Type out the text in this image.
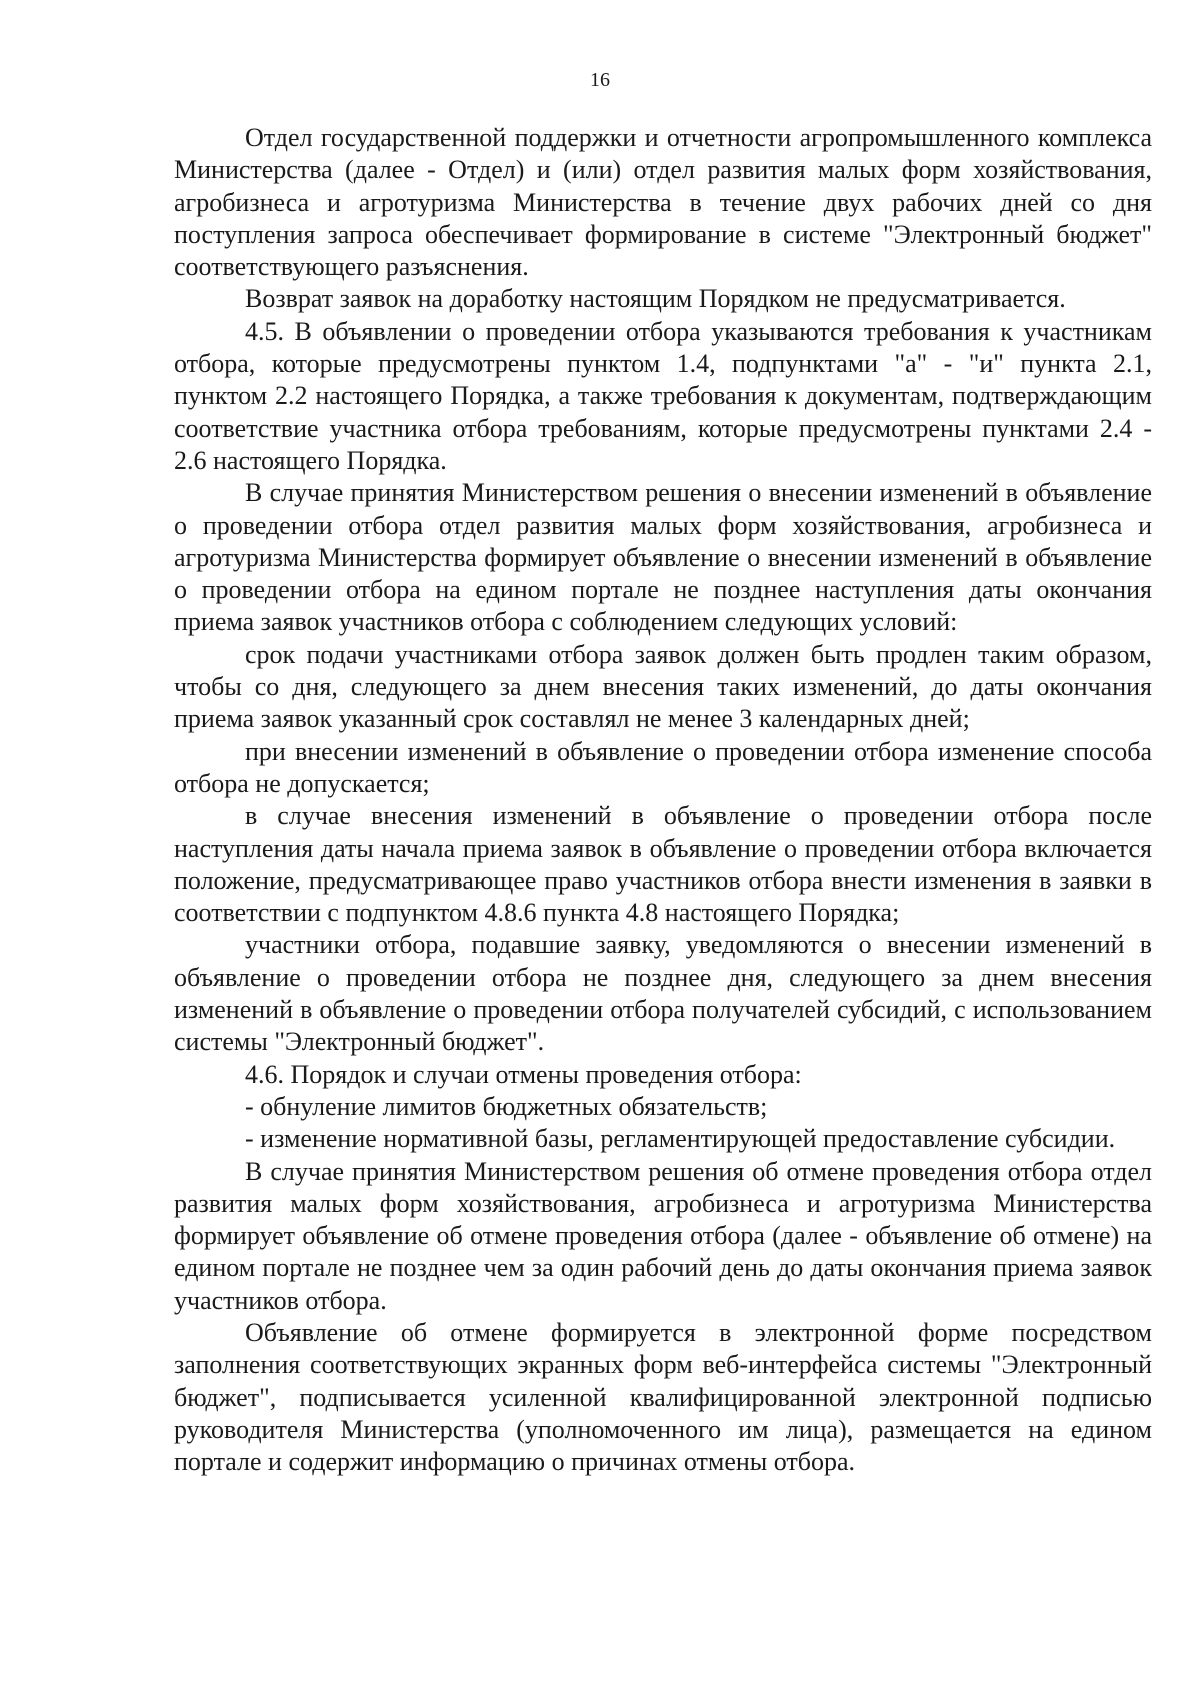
16

Отдел государственной поддержки и отчетности агропромышленного комплекса Министерства (далее - Отдел) и (или) отдел развития малых форм хозяйствования, агробизнеса и агротуризма Министерства в течение двух рабочих дней со дня поступления запроса обеспечивает формирование в системе "Электронный бюджет" соответствующего разъяснения.

Возврат заявок на доработку настоящим Порядком не предусматривается.

4.5. В объявлении о проведении отбора указываются требования к участникам отбора, которые предусмотрены пунктом 1.4, подпунктами "а" - "и" пункта 2.1, пунктом 2.2 настоящего Порядка, а также требования к документам, подтверждающим соответствие участника отбора требованиям, которые предусмотрены пунктами 2.4 - 2.6 настоящего Порядка.

В случае принятия Министерством решения о внесении изменений в объявление о проведении отбора отдел развития малых форм хозяйствования, агробизнеса и агротуризма Министерства формирует объявление о внесении изменений в объявление о проведении отбора на едином портале не позднее наступления даты окончания приема заявок участников отбора с соблюдением следующих условий:

срок подачи участниками отбора заявок должен быть продлен таким образом, чтобы со дня, следующего за днем внесения таких изменений, до даты окончания приема заявок указанный срок составлял не менее 3 календарных дней;

при внесении изменений в объявление о проведении отбора изменение способа отбора не допускается;

в случае внесения изменений в объявление о проведении отбора после наступления даты начала приема заявок в объявление о проведении отбора включается положение, предусматривающее право участников отбора внести изменения в заявки в соответствии с подпунктом 4.8.6 пункта 4.8 настоящего Порядка;

участники отбора, подавшие заявку, уведомляются о внесении изменений в объявление о проведении отбора не позднее дня, следующего за днем внесения изменений в объявление о проведении отбора получателей субсидий, с использованием системы "Электронный бюджет".

4.6. Порядок и случаи отмены проведения отбора:

- обнуление лимитов бюджетных обязательств;

- изменение нормативной базы, регламентирующей предоставление субсидии.

В случае принятия Министерством решения об отмене проведения отбора отдел развития малых форм хозяйствования, агробизнеса и агротуризма Министерства формирует объявление об отмене проведения отбора (далее - объявление об отмене) на едином портале не позднее чем за один рабочий день до даты окончания приема заявок участников отбора.

Объявление об отмене формируется в электронной форме посредством заполнения соответствующих экранных форм веб-интерфейса системы "Электронный бюджет", подписывается усиленной квалифицированной электронной подписью руководителя Министерства (уполномоченного им лица), размещается на едином портале и содержит информацию о причинах отмены отбора.
